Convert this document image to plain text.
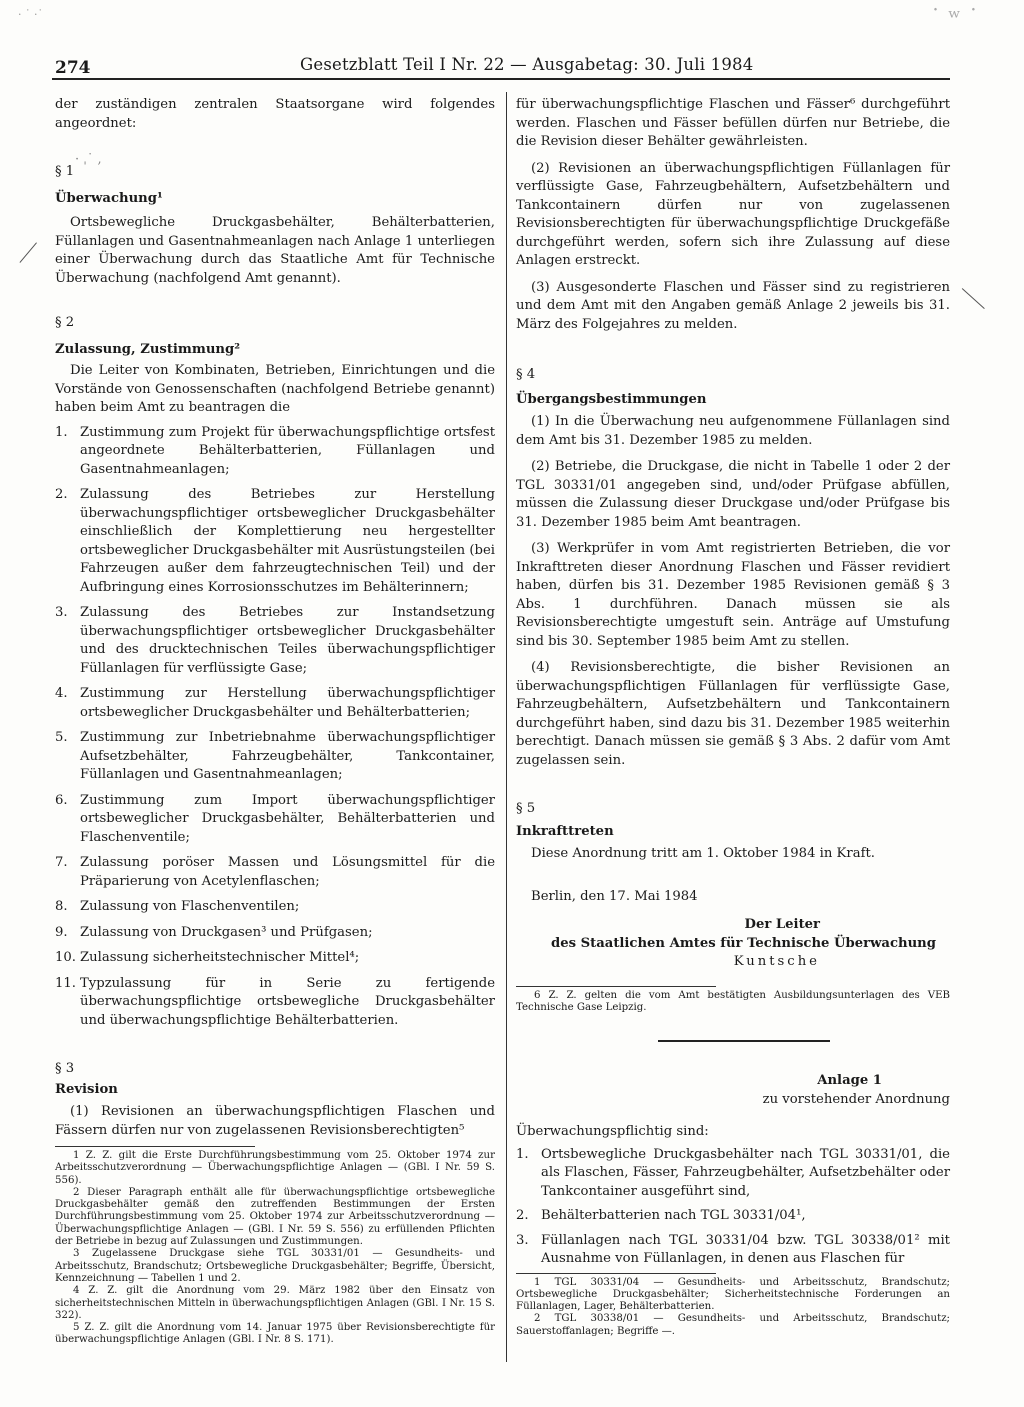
· ˙ ·˙	˙ ʷ ˙
· ˌ˙ ,
274	Gesetzblatt Teil I Nr. 22 — Ausgabetag: 30. Juli 1984

der zuständigen zentralen Staatsorgane wird folgendes angeordnet:

§ 1

Überwachung¹

Ortsbewegliche Druckgasbehälter, Behälterbatterien, Füllanlagen und Gasentnahmeanlagen nach Anlage 1 unterliegen einer Überwachung durch das Staatliche Amt für Technische Überwachung (nachfolgend Amt genannt).

§ 2

Zulassung, Zustimmung²

Die Leiter von Kombinaten, Betrieben, Einrichtungen und die Vorstände von Genossenschaften (nachfolgend Betriebe genannt) haben beim Amt zu beantragen die

1. Zustimmung zum Projekt für überwachungspflichtige ortsfest angeordnete Behälterbatterien, Füllanlagen und Gasentnahmeanlagen;
2. Zulassung des Betriebes zur Herstellung überwachungspflichtiger ortsbeweglicher Druckgasbehälter einschließlich der Komplettierung neu hergestellter ortsbeweglicher Druckgasbehälter mit Ausrüstungsteilen (bei Fahrzeugen außer dem fahrzeugtechnischen Teil) und der Aufbringung eines Korrosionsschutzes im Behälterinnern;
3. Zulassung des Betriebes zur Instandsetzung überwachungspflichtiger ortsbeweglicher Druckgasbehälter und des drucktechnischen Teiles überwachungspflichtiger Füllanlagen für verflüssigte Gase;
4. Zustimmung zur Herstellung überwachungspflichtiger ortsbeweglicher Druckgasbehälter und Behälterbatterien;
5. Zustimmung zur Inbetriebnahme überwachungspflichtiger Aufsetzbehälter, Fahrzeugbehälter, Tankcontainer, Füllanlagen und Gasentnahmeanlagen;
6. Zustimmung zum Import überwachungspflichtiger ortsbeweglicher Druckgasbehälter, Behälterbatterien und Flaschenventile;
7. Zulassung poröser Massen und Lösungsmittel für die Präparierung von Acetylenflaschen;
8. Zulassung von Flaschenventilen;
9. Zulassung von Druckgasen³ und Prüfgasen;
10. Zulassung sicherheitstechnischer Mittel⁴;
11. Typzulassung für in Serie zu fertigende überwachungspflichtige ortsbewegliche Druckgasbehälter und überwachungspflichtige Behälterbatterien.

§ 3

Revision

(1) Revisionen an überwachungspflichtigen Flaschen und Fässern dürfen nur von zugelassenen Revisionsberechtigten⁵

1 Z. Z. gilt die Erste Durchführungsbestimmung vom 25. Oktober 1974 zur Arbeitsschutzverordnung — Überwachungspflichtige Anlagen — (GBl. I Nr. 59 S. 556).

2 Dieser Paragraph enthält alle für überwachungspflichtige ortsbewegliche Druckgasbehälter gemäß den zutreffenden Bestimmungen der Ersten Durchführungsbestimmung vom 25. Oktober 1974 zur Arbeitsschutzverordnung — Überwachungspflichtige Anlagen — (GBl. I Nr. 59 S. 556) zu erfüllenden Pflichten der Betriebe in bezug auf Zulassungen und Zustimmungen.

3 Zugelassene Druckgase siehe TGL 30331/01 — Gesundheits- und Arbeitsschutz, Brandschutz; Ortsbewegliche Druckgasbehälter; Begriffe, Übersicht, Kennzeichnung — Tabellen 1 und 2.

4 Z. Z. gilt die Anordnung vom 29. März 1982 über den Einsatz von sicherheitstechnischen Mitteln in überwachungspflichtigen Anlagen (GBl. I Nr. 15 S. 322).

5 Z. Z. gilt die Anordnung vom 14. Januar 1975 über Revisionsberechtigte für überwachungspflichtige Anlagen (GBl. I Nr. 8 S. 171).

für überwachungspflichtige Flaschen und Fässer⁶ durchgeführt werden. Flaschen und Fässer befüllen dürfen nur Betriebe, die die Revision dieser Behälter gewährleisten.

(2) Revisionen an überwachungspflichtigen Füllanlagen für verflüssigte Gase, Fahrzeugbehältern, Aufsetzbehältern und Tankcontainern dürfen nur von zugelassenen Revisionsberechtigten für überwachungspflichtige Druckgefäße durchgeführt werden, sofern sich ihre Zulassung auf diese Anlagen erstreckt.

(3) Ausgesonderte Flaschen und Fässer sind zu registrieren und dem Amt mit den Angaben gemäß Anlage 2 jeweils bis 31. März des Folgejahres zu melden.

§ 4

Übergangsbestimmungen

(1) In die Überwachung neu aufgenommene Füllanlagen sind dem Amt bis 31. Dezember 1985 zu melden.

(2) Betriebe, die Druckgase, die nicht in Tabelle 1 oder 2 der TGL 30331/01 angegeben sind, und/oder Prüfgase abfüllen, müssen die Zulassung dieser Druckgase und/oder Prüfgase bis 31. Dezember 1985 beim Amt beantragen.

(3) Werkprüfer in vom Amt registrierten Betrieben, die vor Inkrafttreten dieser Anordnung Flaschen und Fässer revidiert haben, dürfen bis 31. Dezember 1985 Revisionen gemäß § 3 Abs. 1 durchführen. Danach müssen sie als Revisionsberechtigte umgestuft sein. Anträge auf Umstufung sind bis 30. September 1985 beim Amt zu stellen.

(4) Revisionsberechtigte, die bisher Revisionen an überwachungspflichtigen Füllanlagen für verflüssigte Gase, Fahrzeugbehältern, Aufsetzbehältern und Tankcontainern durchgeführt haben, sind dazu bis 31. Dezember 1985 weiterhin berechtigt. Danach müssen sie gemäß § 3 Abs. 2 dafür vom Amt zugelassen sein.

§ 5

Inkrafttreten

Diese Anordnung tritt am 1. Oktober 1984 in Kraft.

Berlin, den 17. Mai 1984

Der Leiter

des Staatlichen Amtes für Technische Überwachung

Kuntsche

6 Z. Z. gelten die vom Amt bestätigten Ausbildungsunterlagen des VEB Technische Gase Leipzig.

Anlage 1

zu vorstehender Anordnung

Überwachungspflichtig sind:

1. Ortsbewegliche Druckgasbehälter nach TGL 30331/01, die als Flaschen, Fässer, Fahrzeugbehälter, Aufsetzbehälter oder Tankcontainer ausgeführt sind,
2. Behälterbatterien nach TGL 30331/04¹,
3. Füllanlagen nach TGL 30331/04 bzw. TGL 30338/01² mit Ausnahme von Füllanlagen, in denen aus Flaschen für

1 TGL 30331/04 — Gesundheits- und Arbeitsschutz, Brandschutz; Ortsbewegliche Druckgasbehälter; Sicherheitstechnische Forderungen an Füllanlagen, Lager, Behälterbatterien.

2 TGL 30338/01 — Gesundheits- und Arbeitsschutz, Brandschutz; Sauerstoffanlagen; Begriffe —.
